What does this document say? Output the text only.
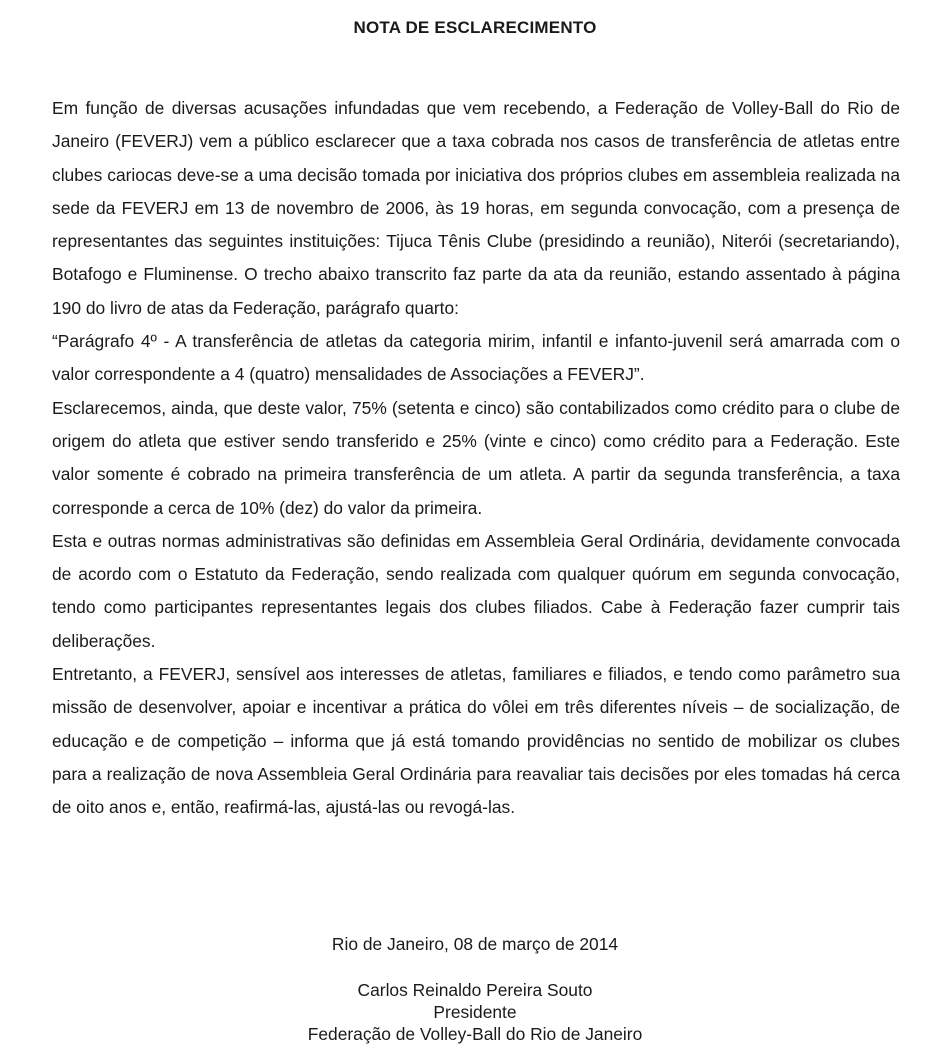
NOTA DE ESCLARECIMENTO

Em função de diversas acusações infundadas que vem recebendo, a Federação de Volley-Ball do Rio de Janeiro (FEVERJ) vem a público esclarecer que a taxa cobrada nos casos de transferência de atletas entre clubes cariocas deve-se a uma decisão tomada por iniciativa dos próprios clubes em assembleia realizada na sede da FEVERJ em 13 de novembro de 2006, às 19 horas, em segunda convocação, com a presença de representantes das seguintes instituições: Tijuca Tênis Clube (presidindo a reunião), Niterói (secretariando), Botafogo e Fluminense. O trecho abaixo transcrito faz parte da ata da reunião, estando assentado à página 190 do livro de atas da Federação, parágrafo quarto:

“Parágrafo 4º - A transferência de atletas da categoria mirim, infantil e infanto-juvenil será amarrada com o valor correspondente a 4 (quatro) mensalidades de Associações a FEVERJ”.

Esclarecemos, ainda, que deste valor, 75% (setenta e cinco) são contabilizados como crédito para o clube de origem do atleta que estiver sendo transferido e 25% (vinte e cinco) como crédito para a Federação. Este valor somente é cobrado na primeira transferência de um atleta. A partir da segunda transferência, a taxa corresponde a cerca de 10% (dez) do valor da primeira.

Esta e outras normas administrativas são definidas em Assembleia Geral Ordinária, devidamente convocada de acordo com o Estatuto da Federação, sendo realizada com qualquer quórum em segunda convocação, tendo como participantes representantes legais dos clubes filiados. Cabe à Federação fazer cumprir tais deliberações.

Entretanto, a FEVERJ, sensível aos interesses de atletas, familiares e filiados, e tendo como parâmetro sua missão de desenvolver, apoiar e incentivar a prática do vôlei em três diferentes níveis – de socialização, de educação e de competição – informa que já está tomando providências no sentido de mobilizar os clubes para a realização de nova Assembleia Geral Ordinária para reavaliar tais decisões por eles tomadas há cerca de oito anos e, então, reafirmá-las, ajustá-las ou revogá-las.

Rio de Janeiro, 08 de março de 2014
Carlos Reinaldo Pereira Souto
Presidente
Federação de Volley-Ball do Rio de Janeiro
